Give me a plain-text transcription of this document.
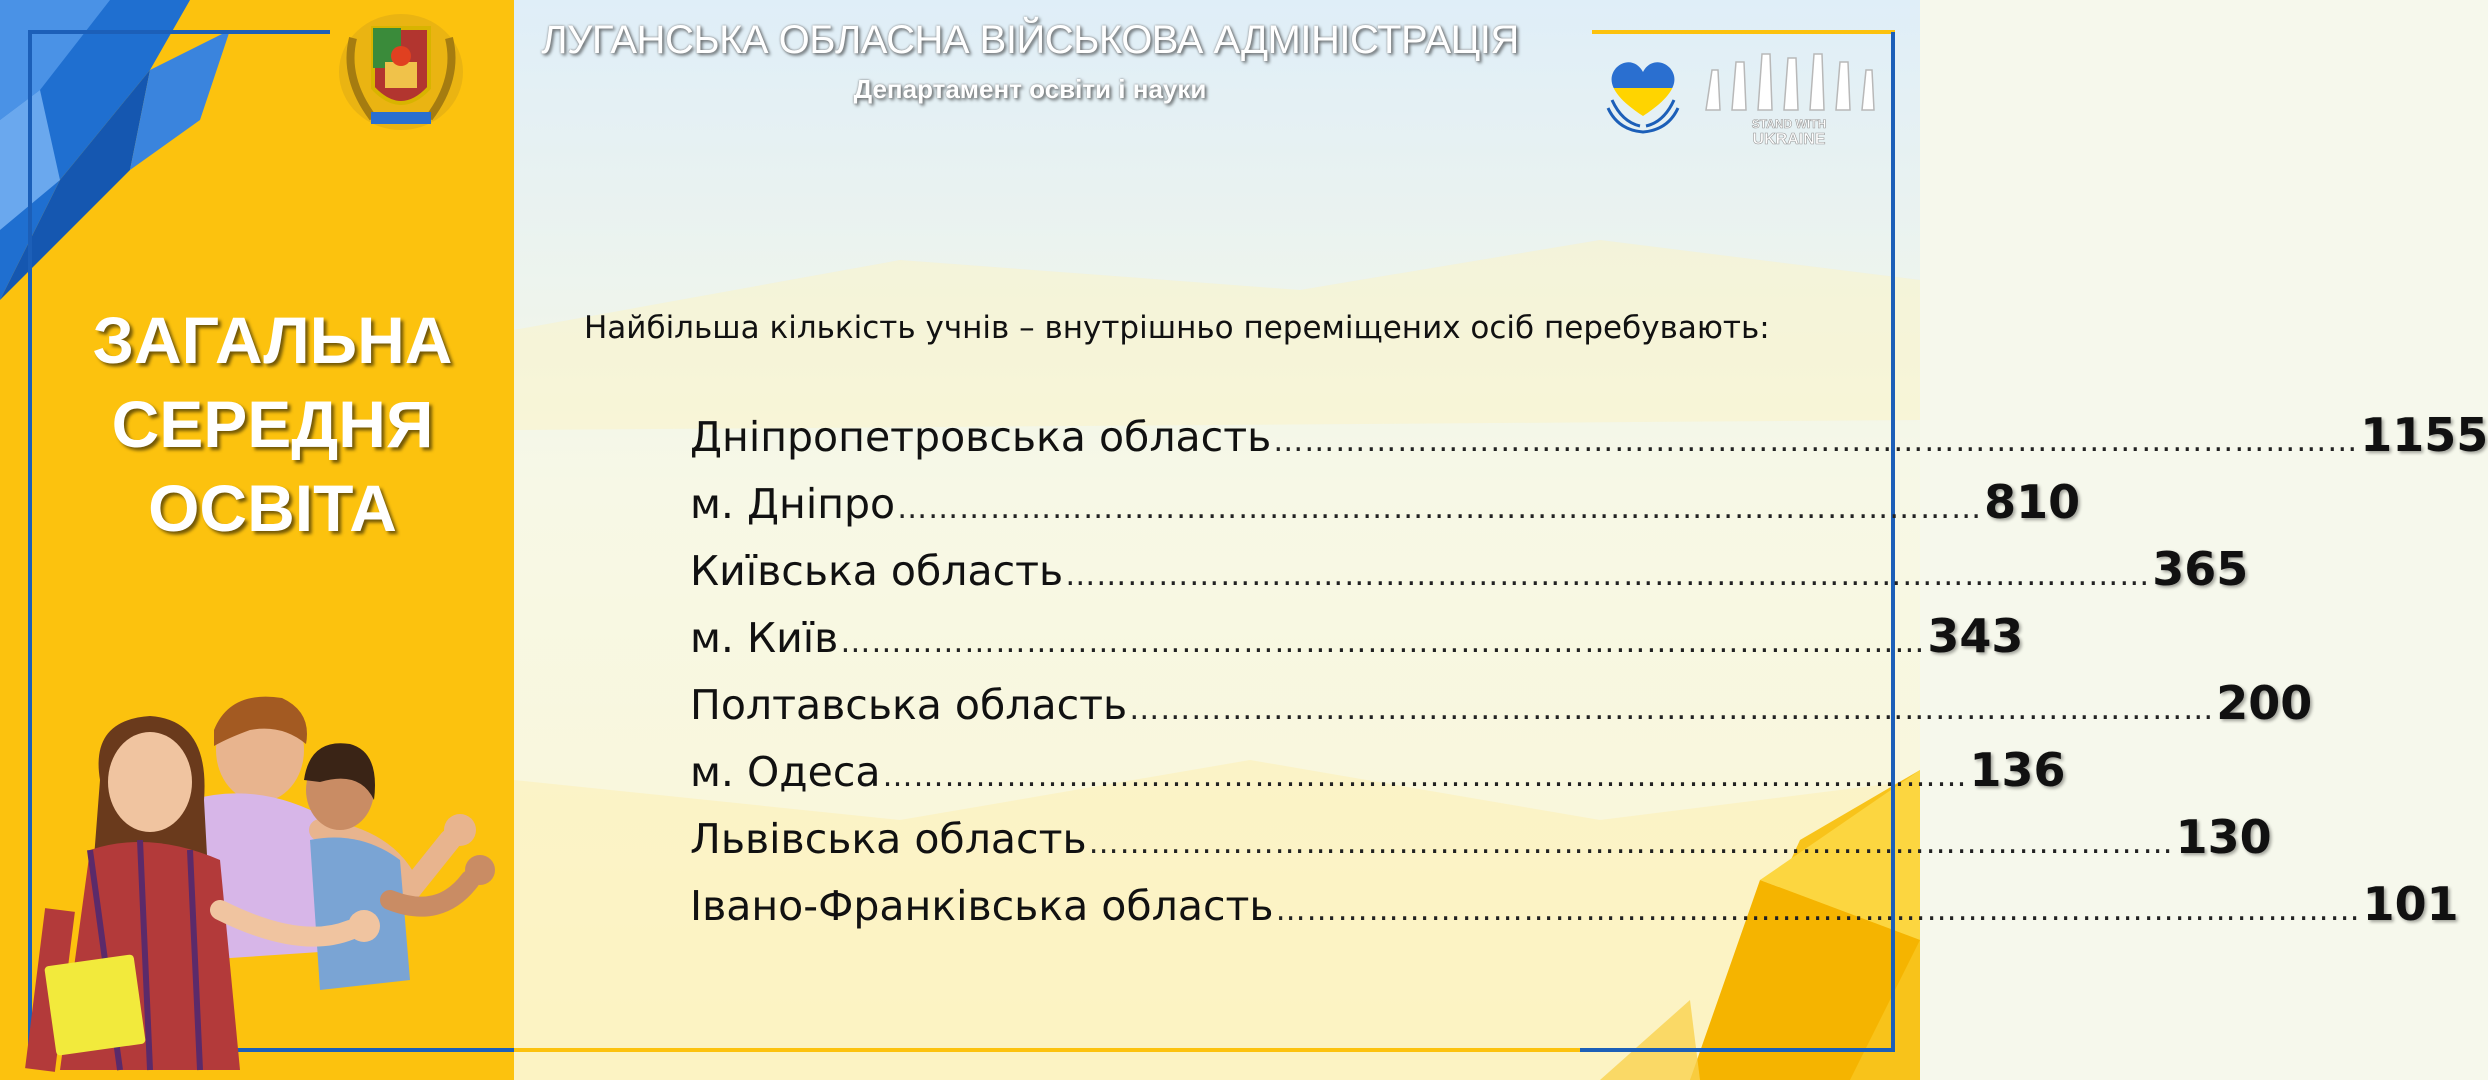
ЗАГАЛЬНА
СЕРЕДНЯ
ОСВІТА
ЛУГАНСЬКА ОБЛАСНА ВІЙСЬКОВА АДМІНІСТРАЦІЯ
Департамент освіти і науки
STAND WITH
UKRAINE
Найбільша кількість учнів – внутрішньо переміщених осіб перебувають:
Дніпропетровська область …………………………………………………………………………………………… 1155
м. Дніпро …………………………………………………………………………………………… 810
Київська область …………………………………………………………………………………………… 365
м. Київ …………………………………………………………………………………………… 343
Полтавська область …………………………………………………………………………………………… 200
м. Одеса …………………………………………………………………………………………… 136
Львівська область …………………………………………………………………………………………… 130
Івано-Франківська область …………………………………………………………………………………………… 101
